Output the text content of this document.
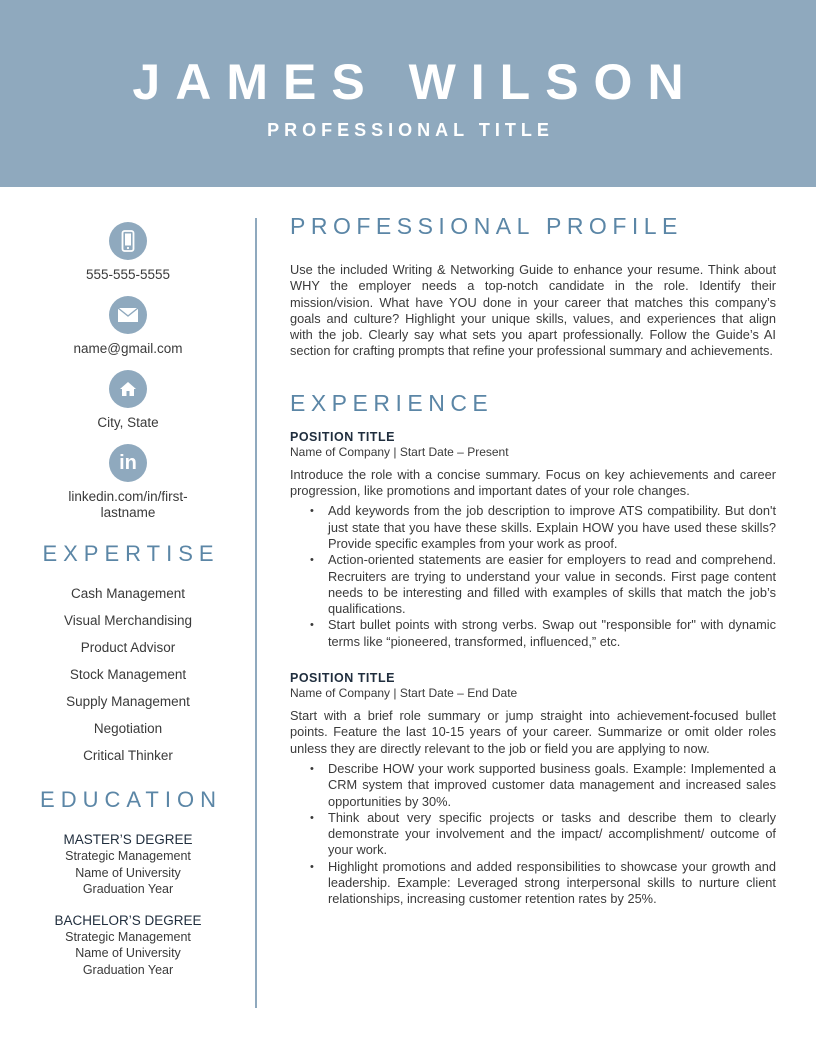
JAMES WILSON
PROFESSIONAL TITLE
555-555-5555
name@gmail.com
City, State
in
linkedin.com/in/first-
lastname
EXPERTISE
Cash Management
Visual Merchandising
Product Advisor
Stock Management
Supply Management
Negotiation
Critical Thinker
EDUCATION
MASTER’S DEGREE
Strategic Management
Name of University
Graduation Year
BACHELOR’S DEGREE
Strategic Management
Name of University
Graduation Year
PROFESSIONAL PROFILE
Use the included Writing & Networking Guide to enhance your resume. Think about WHY the employer needs a top-notch candidate in the role. Identify their mission/vision. What have YOU done in your career that matches this company’s goals and culture? Highlight your unique skills, values, and experiences that align with the job. Clearly say what sets you apart professionally. Follow the Guide’s AI section for crafting prompts that refine your professional summary and achievements.
EXPERIENCE
POSITION TITLE
Name of Company | Start Date – Present
Introduce the role with a concise summary. Focus on key achievements and career progression, like promotions and important dates of your role changes.
• Add keywords from the job description to improve ATS compatibility. But don't just state that you have these skills. Explain HOW you have used these skills? Provide specific examples from your work as proof.
• Action-oriented statements are easier for employers to read and comprehend. Recruiters are trying to understand your value in seconds. First page content needs to be interesting and filled with examples of skills that match the job’s qualifications.
• Start bullet points with strong verbs. Swap out "responsible for" with dynamic terms like “pioneered, transformed, influenced,” etc.
POSITION TITLE
Name of Company | Start Date – End Date
Start with a brief role summary or jump straight into achievement-focused bullet points. Feature the last 10-15 years of your career. Summarize or omit older roles unless they are directly relevant to the job or field you are applying to now.
• Describe HOW your work supported business goals. Example: Implemented a CRM system that improved customer data management and increased sales opportunities by 30%.
• Think about very specific projects or tasks and describe them to clearly demonstrate your involvement and the impact/ accomplishment/ outcome of your work.
• Highlight promotions and added responsibilities to showcase your growth and leadership. Example: Leveraged strong interpersonal skills to nurture client relationships, increasing customer retention rates by 25%.
